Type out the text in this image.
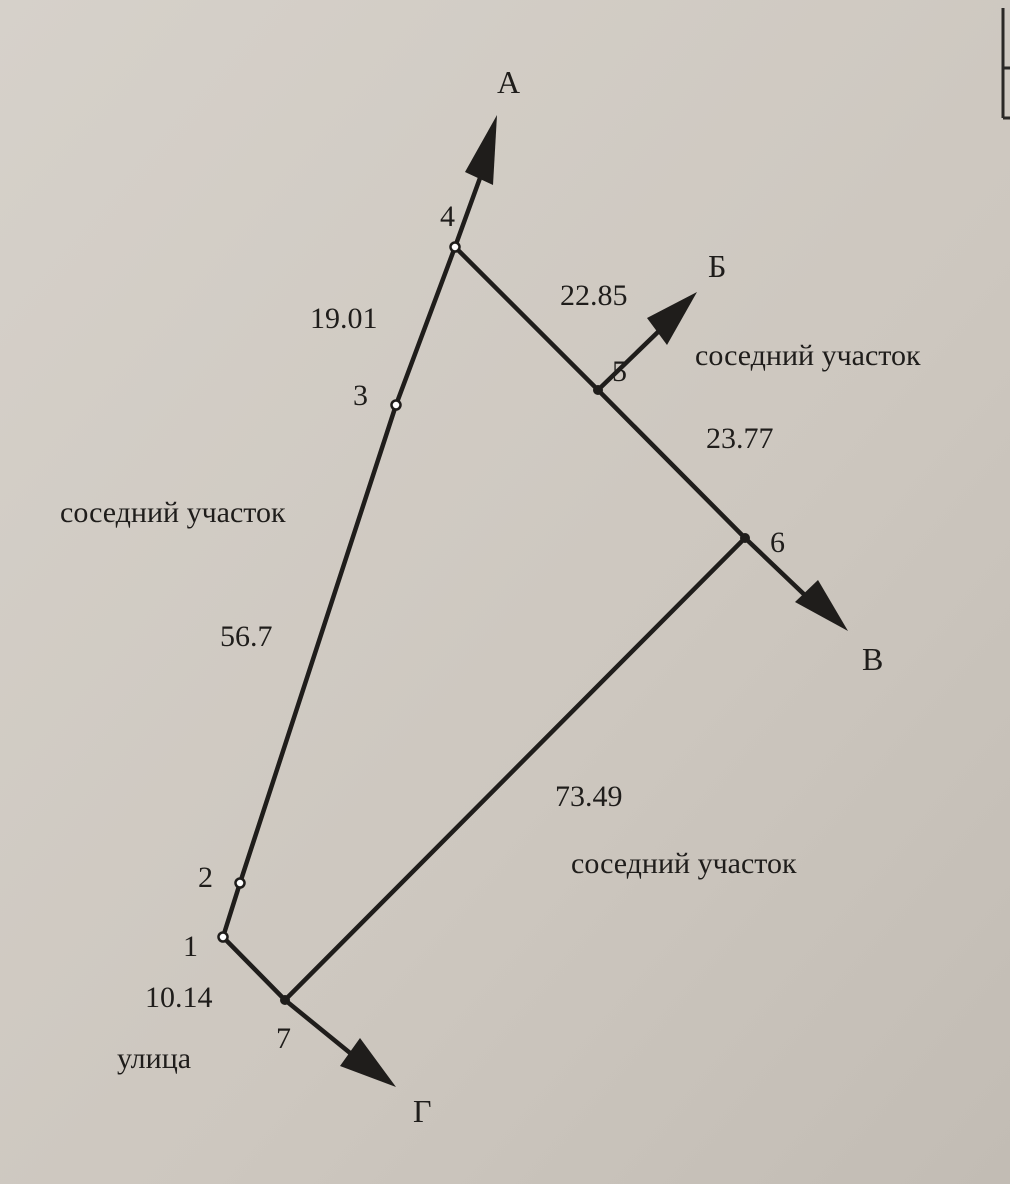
1
2
3
4
5
6
7
А
Б
В
Г
19.01
22.85
23.77
56.7
73.49
10.14
соседний участок
соседний участок
соседний участок
улица
